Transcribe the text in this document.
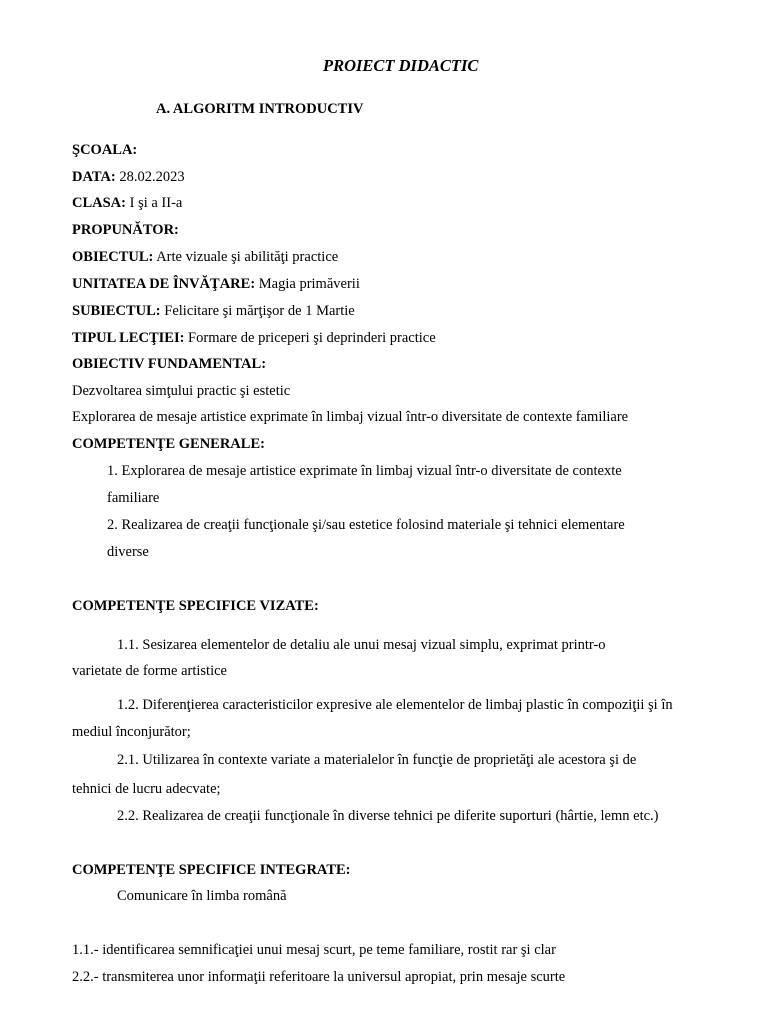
PROIECT DIDACTIC
A. ALGORITM INTRODUCTIV
ŞCOALA:
DATA: 28.02.2023
CLASA: I şi a II-a
PROPUNĂTOR:
OBIECTUL: Arte vizuale şi abilităţi practice
UNITATEA DE ÎNVĂŢARE: Magia primăverii
SUBIECTUL: Felicitare şi mărţişor de 1 Martie
TIPUL LECŢIEI: Formare de priceperi şi deprinderi practice
OBIECTIV FUNDAMENTAL:
Dezvoltarea simţului practic şi estetic
Explorarea de mesaje artistice exprimate în limbaj vizual într-o diversitate de contexte familiare
COMPETENŢE GENERALE:
1. Explorarea de mesaje artistice exprimate în limbaj vizual într-o diversitate de contexte
familiare
2. Realizarea de creaţii funcţionale şi/sau estetice folosind materiale şi tehnici elementare
diverse
COMPETENŢE SPECIFICE VIZATE:
1.1. Sesizarea elementelor de detaliu ale unui mesaj vizual simplu, exprimat printr-o
varietate de forme artistice
1.2. Diferenţierea caracteristicilor expresive ale elementelor de limbaj plastic în compoziţii şi în
mediul înconjurător;
2.1. Utilizarea în contexte variate a materialelor în funcţie de proprietăţi ale acestora şi de
tehnici de lucru adecvate;
2.2. Realizarea de creaţii funcţionale în diverse tehnici pe diferite suporturi (hârtie, lemn etc.)
COMPETENŢE SPECIFICE INTEGRATE:
Comunicare în limba română
1.1.- identificarea semnificaţiei unui mesaj scurt, pe teme familiare, rostit rar şi clar
2.2.- transmiterea unor informaţii referitoare la universul apropiat, prin mesaje scurte
